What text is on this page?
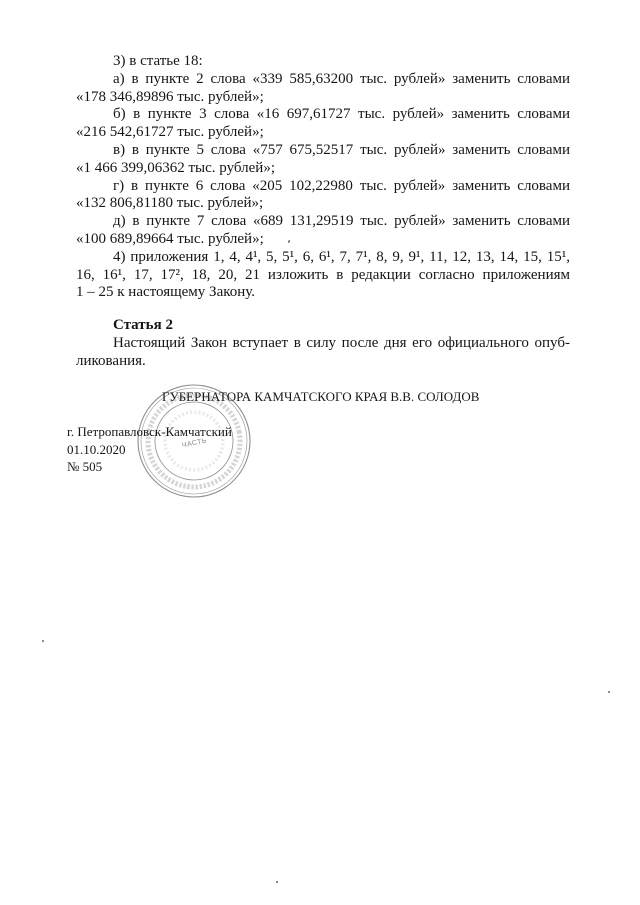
3) в статье 18:
а) в пункте 2 слова «339 585,63200 тыс. рублей» заменить словами
«178 346,89896 тыс. рублей»;
б) в пункте 3 слова «16 697,61727 тыс. рублей» заменить словами
«216 542,61727 тыс. рублей»;
в) в пункте 5 слова «757 675,52517 тыс. рублей» заменить словами
«1 466 399,06362 тыс. рублей»;
г) в пункте 6 слова «205 102,22980 тыс. рублей» заменить словами
«132 806,81180 тыс. рублей»;
д) в пункте 7 слова «689 131,29519 тыс. рублей» заменить словами
«100 689,89664 тыс. рублей»;
4) приложения 1, 4, 4¹, 5, 5¹, 6, 6¹, 7, 7¹, 8, 9, 9¹, 11, 12, 13, 14, 15, 15¹,
16, 16¹, 17, 17², 18, 20, 21 изложить в редакции согласно приложениям
1 – 25 к настоящему Закону.
Статья 2
Настоящий Закон вступает в силу после дня его официального опуб-
ликования.
ГУБЕРНАТОРА КАМЧАТСКОГО КРАЯ В.В. СОЛОДОВ
г. Петропавловск-Камчатский
01.10.2020
№ 505
ЧАСТЬ
